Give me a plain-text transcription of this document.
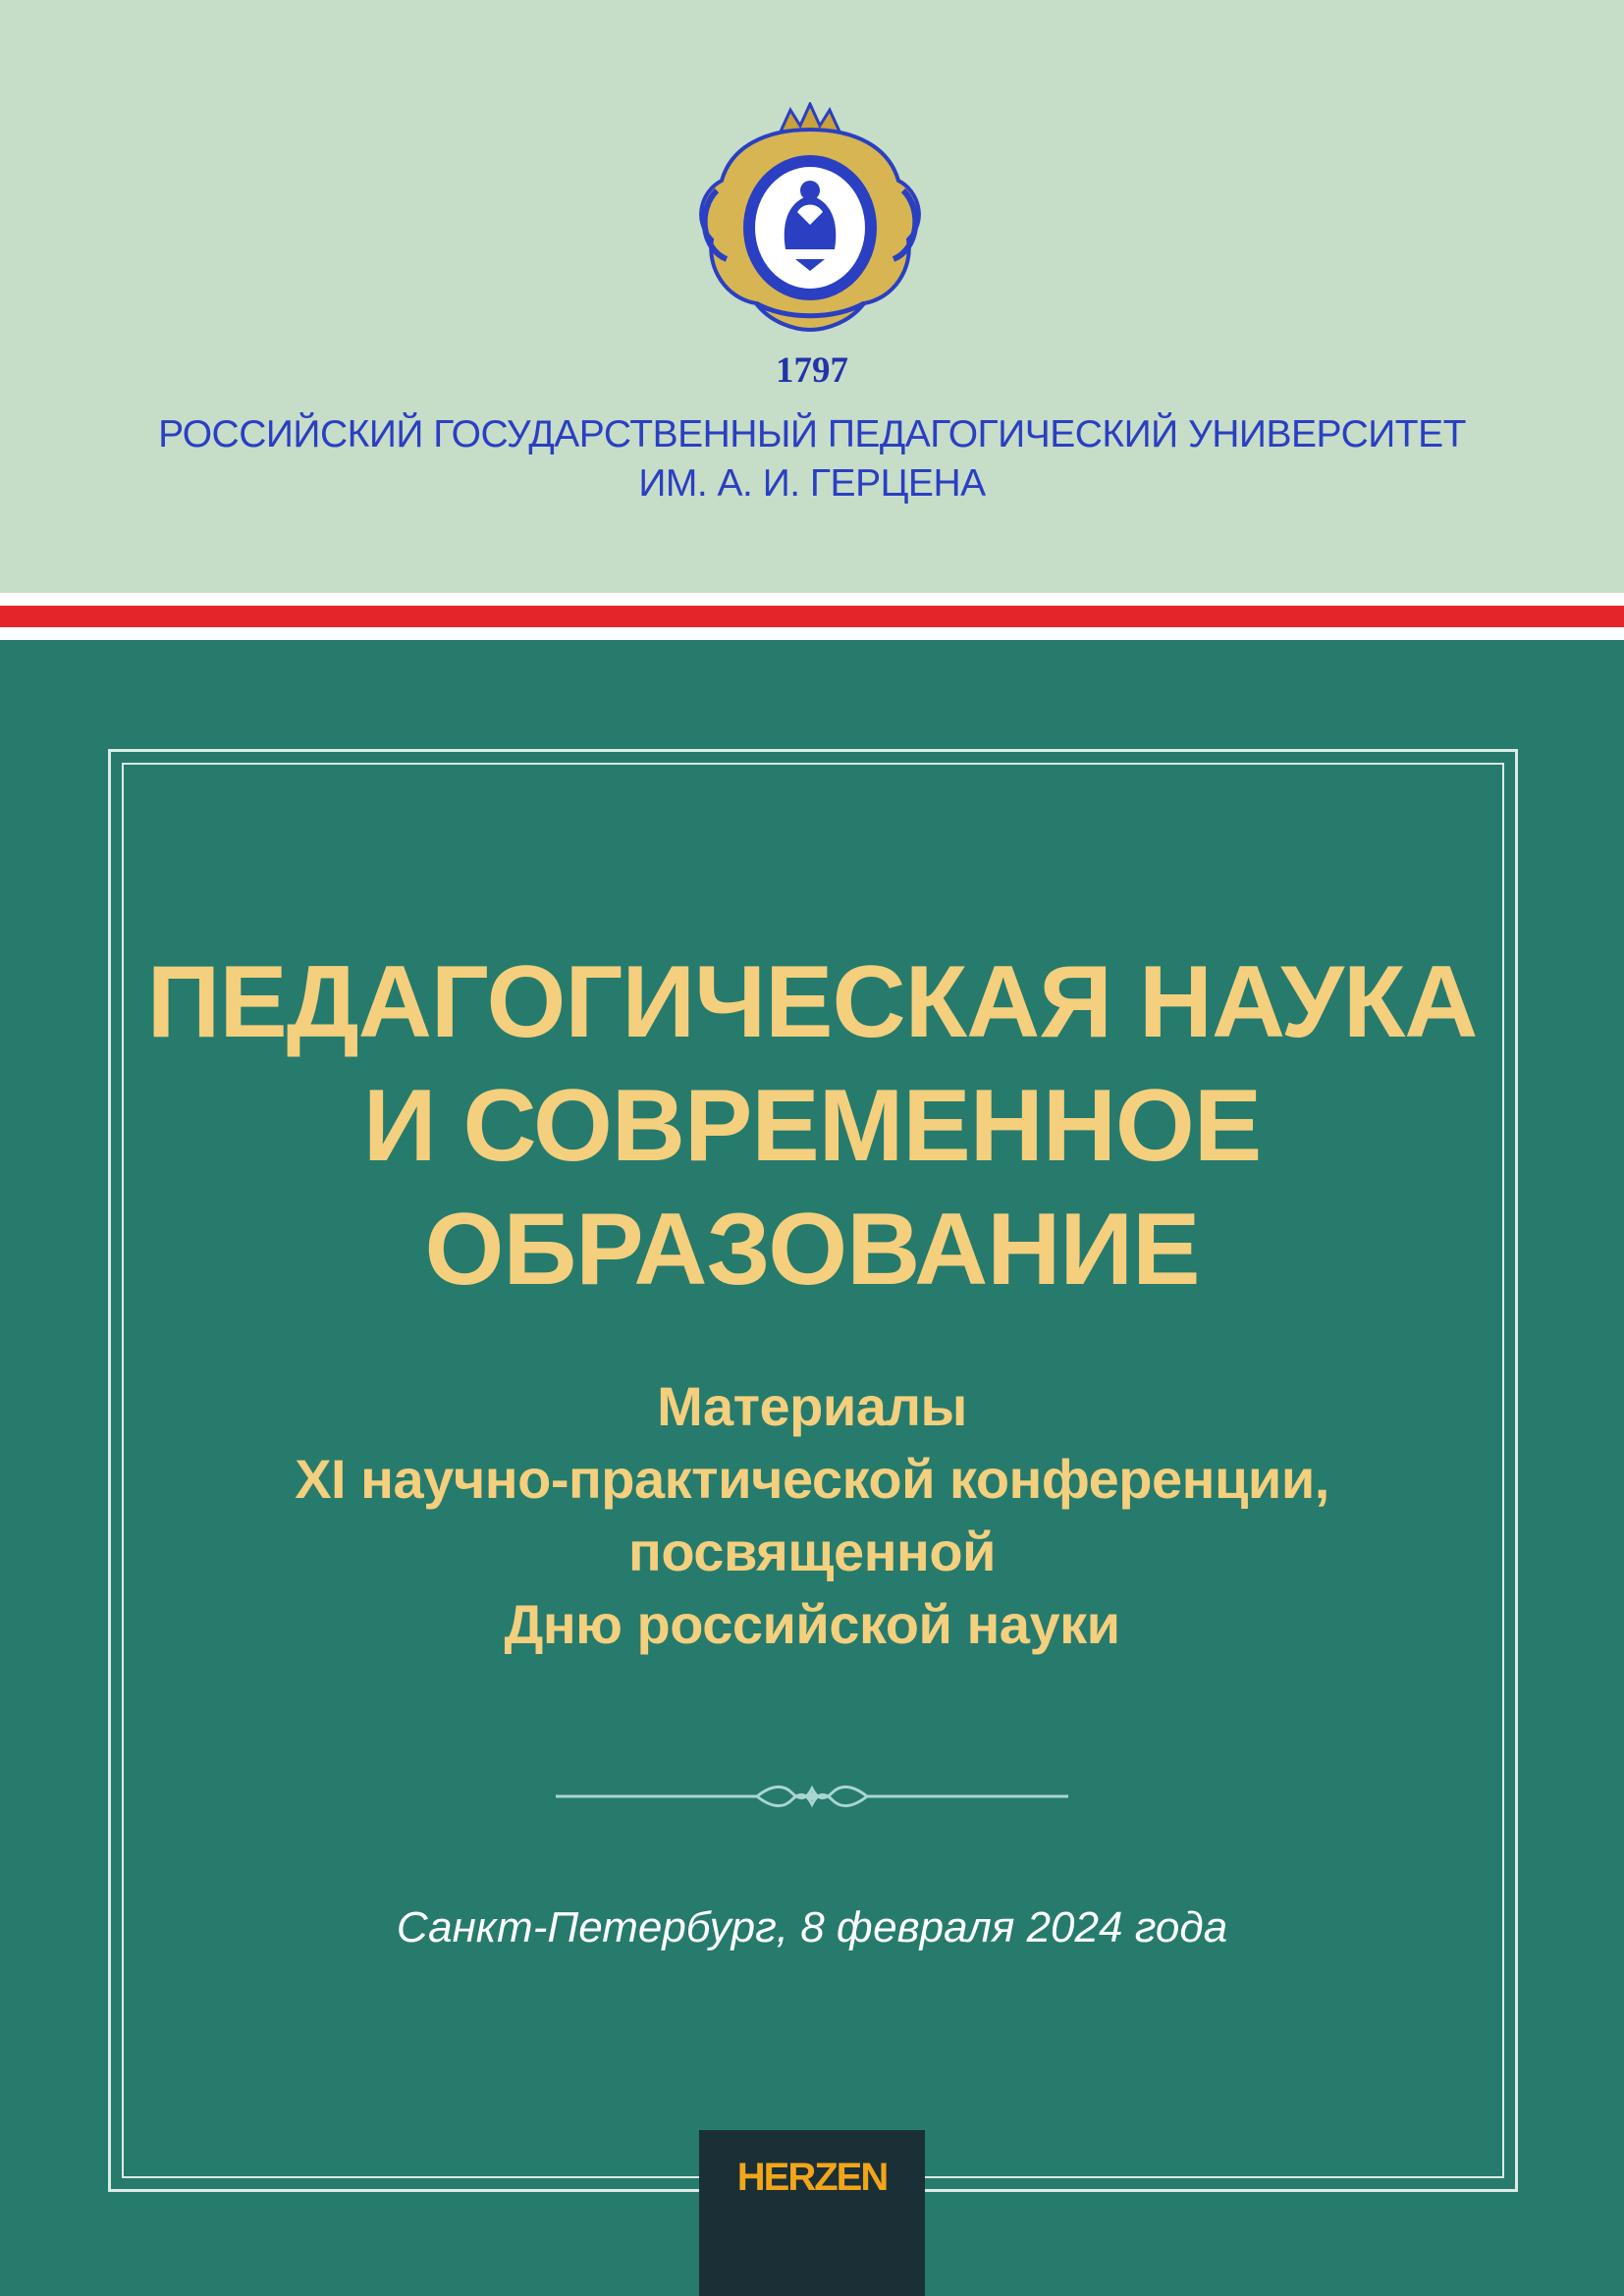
1797

РОССИЙСКИЙ ГОСУДАРСТВЕННЫЙ ПЕДАГОГИЧЕСКИЙ УНИВЕРСИТЕТ
ИМ. А. И. ГЕРЦЕНА

ПЕДАГОГИЧЕСКАЯ НАУКА
И СОВРЕМЕННОЕ
ОБРАЗОВАНИЕ
Материалы
XI научно-практической конференции,
посвященной
Дню российской науки

Санкт-Петербург, 8 февраля 2024 года

HERZEN
